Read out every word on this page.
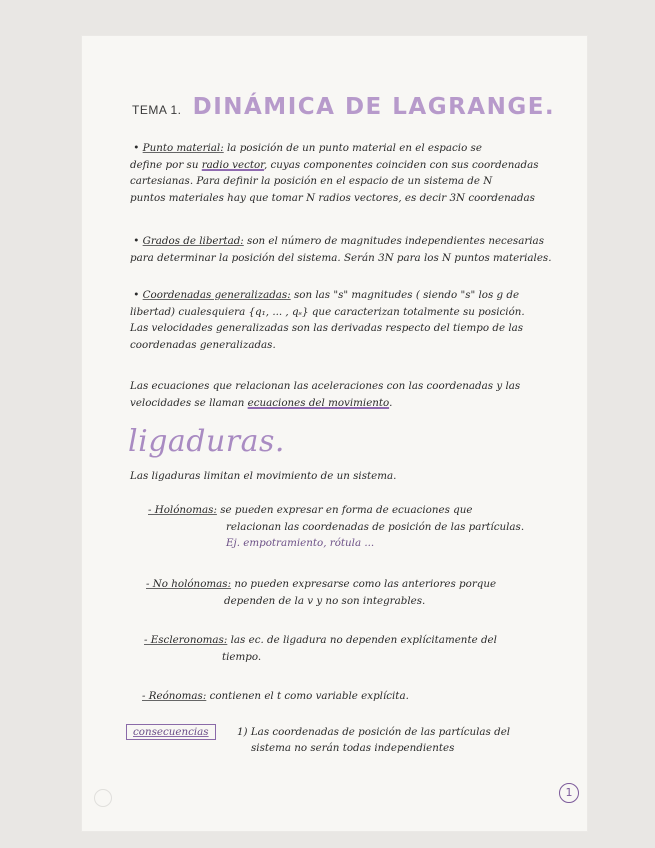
TEMA 1. DINÁMICA DE LAGRANGE.

• Punto material: la posición de un punto material en el espacio se

define por su radio vector, cuyas componentes coinciden con sus coordenadas

cartesianas. Para definir la posición en el espacio de un sistema de N

puntos materiales hay que tomar N radios vectores, es decir 3N coordenadas

• Grados de libertad: son el número de magnitudes independientes necesarias

para determinar la posición del sistema. Serán 3N para los N puntos materiales.

• Coordenadas generalizadas: son las "s" magnitudes ( siendo "s" los g de

libertad) cualesquiera {q₁, ... , qₛ} que caracterizan totalmente su posición.

Las velocidades generalizadas son las derivadas respecto del tiempo de las

coordenadas generalizadas.

Las ecuaciones que relacionan las aceleraciones con las coordenadas y las

velocidades se llaman ecuaciones del movimiento.

ligaduras.
Las ligaduras limitan el movimiento de un sistema.

- Holónomas: se pueden expresar en forma de ecuaciones que

relacionan las coordenadas de posición de las partículas.

Ej. empotramiento, rótula ...

- No holónomas: no pueden expresarse como las anteriores porque

dependen de la v y no son integrables.

- Escleronomas: las ec. de ligadura no dependen explícitamente del

tiempo.

- Reónomas: contienen el t como variable explícita.

consecuencias	1) Las coordenadas de posición de las partículas del

sistema no serán todas independientes

1
